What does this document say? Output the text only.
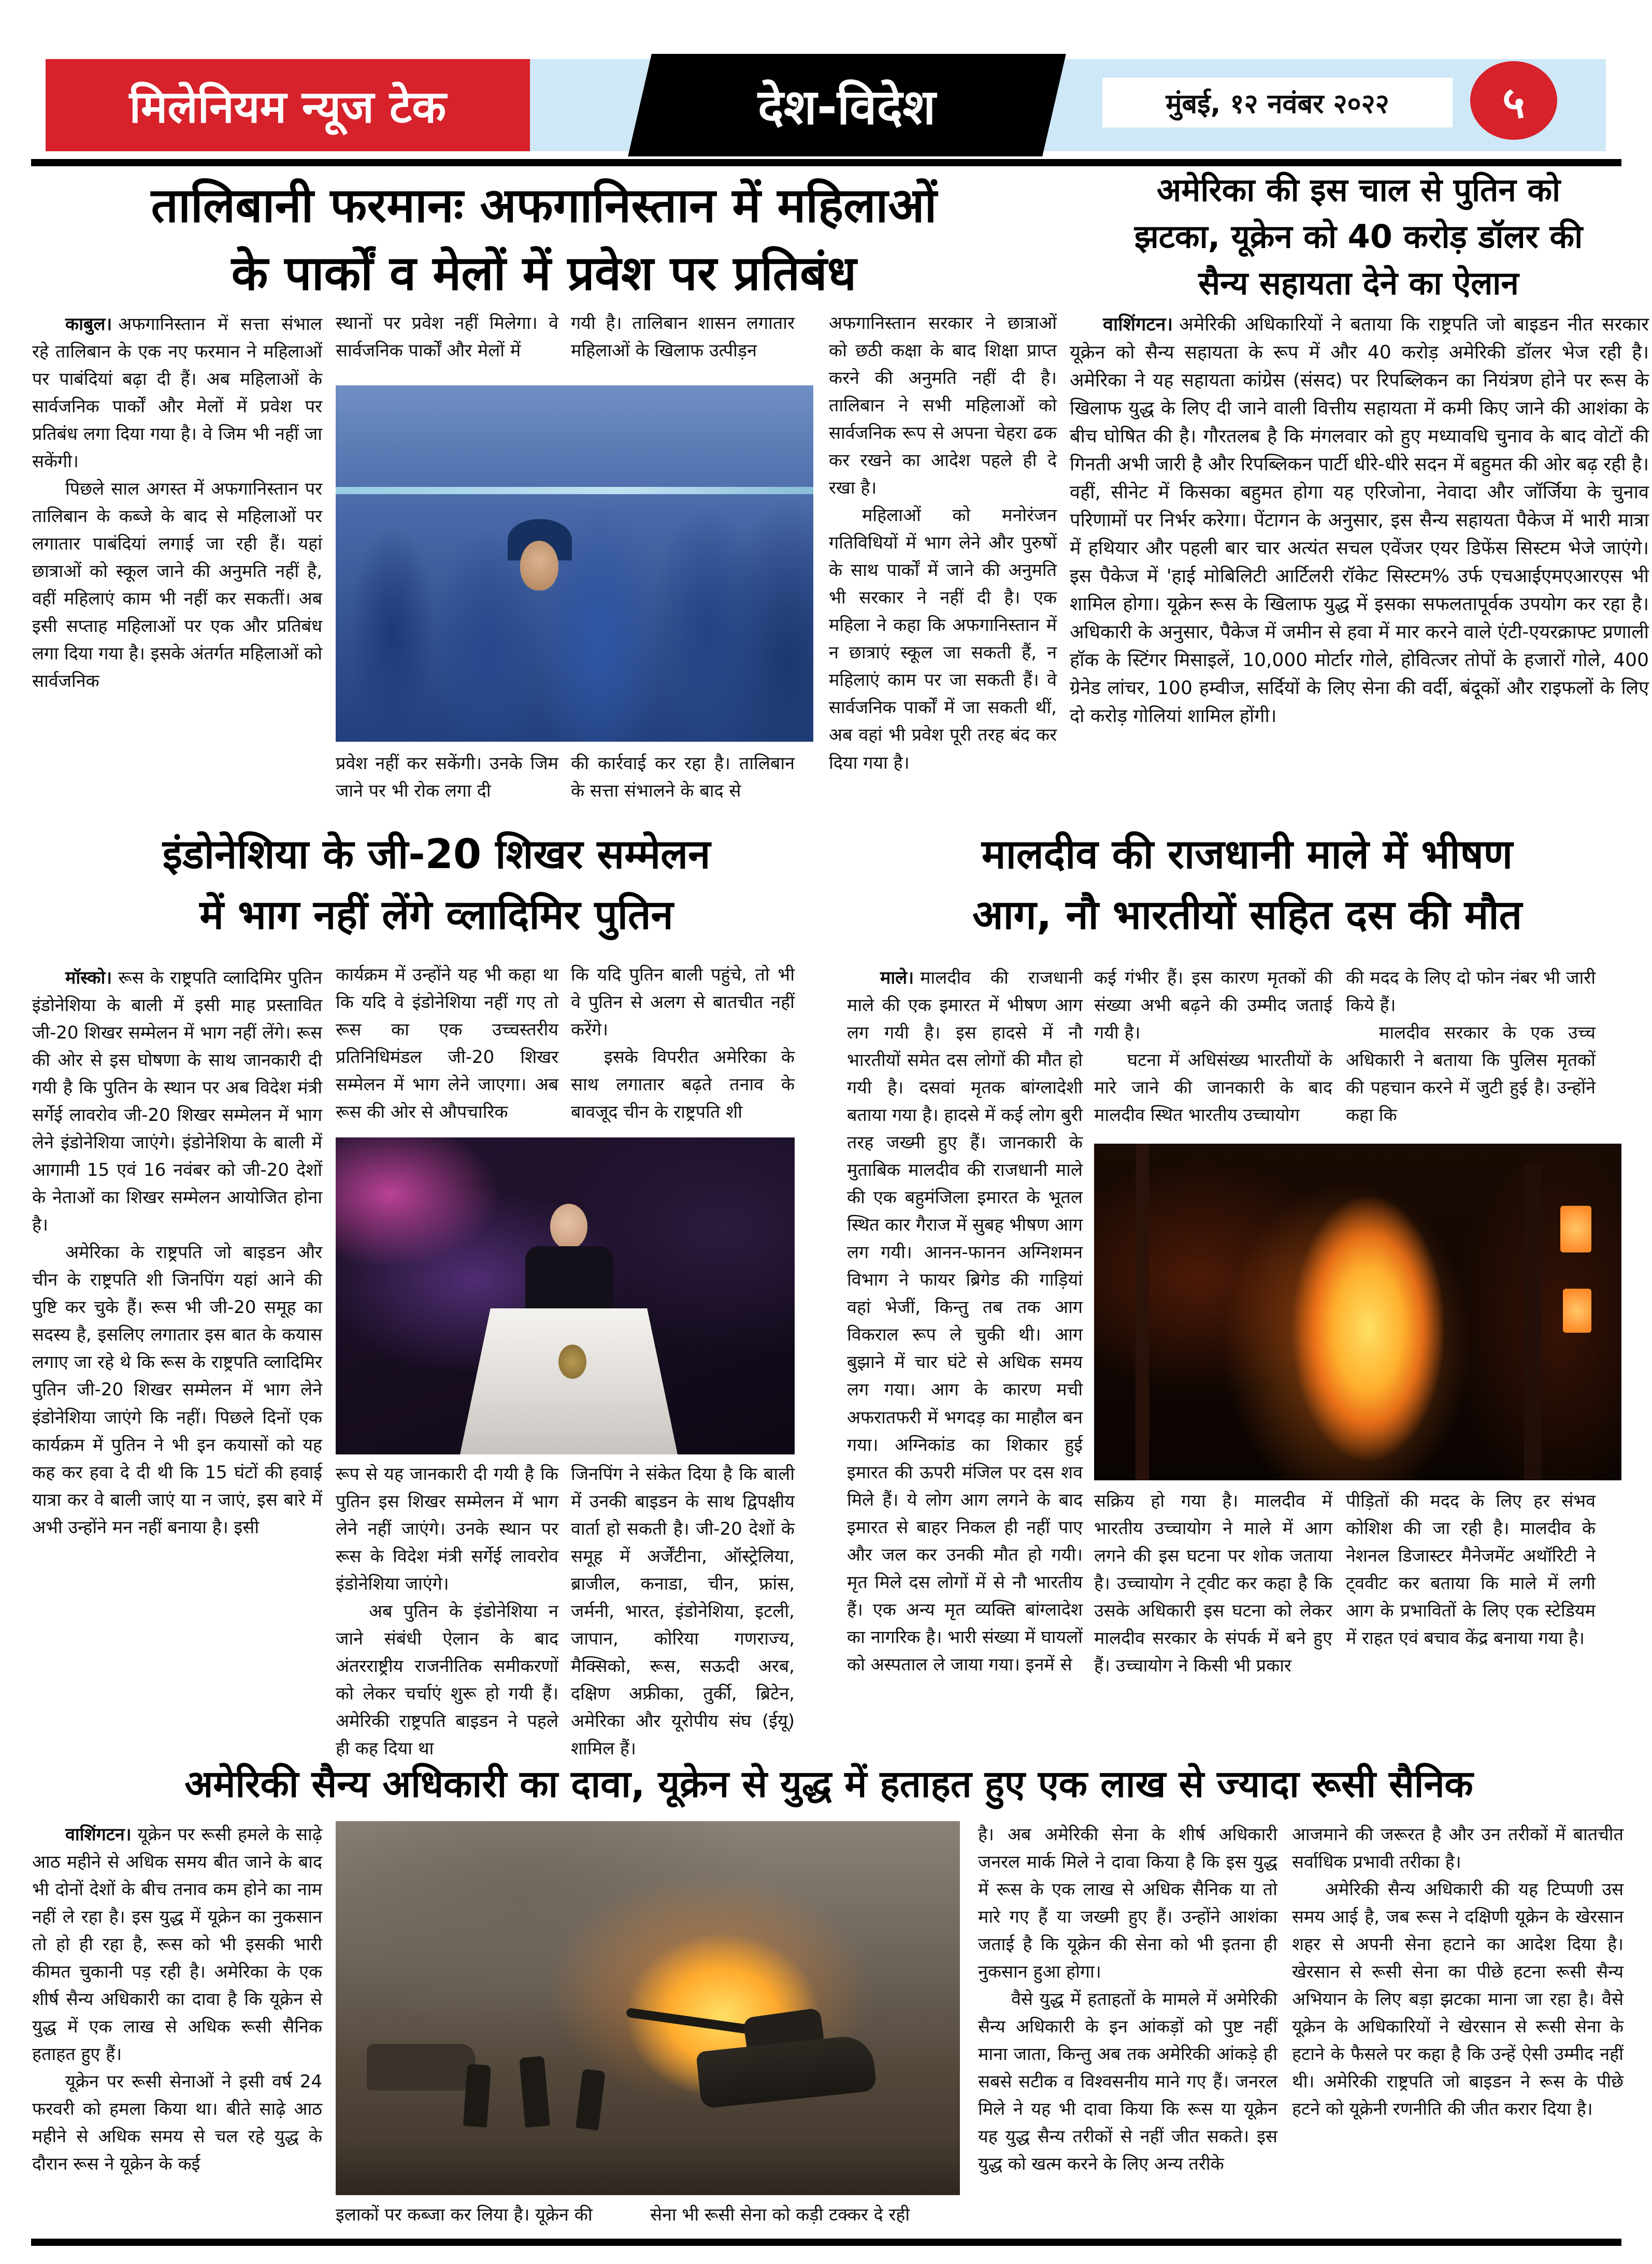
मिलेनियम न्यूज टेक	देश-विदेश	मुंबई, १२ नवंबर २०२२	५
तालिबानी फरमानः अफगानिस्तान में महिलाओं
के पार्कों व मेलों में प्रवेश पर प्रतिबंध

काबुल। अफगानिस्तान में सत्ता संभाल रहे तालिबान के एक नए फरमान ने महिलाओं पर पाबंदियां बढ़ा दी हैं। अब महिलाओं के सार्वजनिक पार्कों और मेलों में प्रवेश पर प्रतिबंध लगा दिया गया है। वे जिम भी नहीं जा सकेंगी।

पिछले साल अगस्त में अफगानिस्तान पर तालिबान के कब्जे के बाद से महिलाओं पर लगातार पाबंदियां लगाई जा रही हैं। यहां छात्राओं को स्कूल जाने की अनुमति नहीं है, वहीं महिलाएं काम भी नहीं कर सकतीं। अब इसी सप्ताह महिलाओं पर एक और प्रतिबंध लगा दिया गया है। इसके अंतर्गत महिलाओं को सार्वजनिक

स्थानों पर प्रवेश नहीं मिलेगा। वे सार्वजनिक पार्कों और मेलों में

गयी है। तालिबान शासन लगातार महिलाओं के खिलाफ उत्पीड़न

प्रवेश नहीं कर सकेंगी। उनके जिम जाने पर भी रोक लगा दी

की कार्रवाई कर रहा है। तालिबान के सत्ता संभालने के बाद से

अफगानिस्तान सरकार ने छात्राओं को छठी कक्षा के बाद शिक्षा प्राप्त करने की अनुमति नहीं दी है। तालिबान ने सभी महिलाओं को सार्वजनिक रूप से अपना चेहरा ढक कर रखने का आदेश पहले ही दे रखा है।

महिलाओं को मनोरंजन गतिविधियों में भाग लेने और पुरुषों के साथ पार्कों में जाने की अनुमति भी सरकार ने नहीं दी है। एक महिला ने कहा कि अफगानिस्तान में न छात्राएं स्कूल जा सकती हैं, न महिलाएं काम पर जा सकती हैं। वे सार्वजनिक पार्कों में जा सकती थीं, अब वहां भी प्रवेश पूरी तरह बंद कर दिया गया है।

अमेरिका की इस चाल से पुतिन को
झटका, यूक्रेन को 40 करोड़ डॉलर की
सैन्य सहायता देने का ऐलान

वाशिंगटन। अमेरिकी अधिकारियों ने बताया कि राष्ट्रपति जो बाइडन नीत सरकार यूक्रेन को सैन्य सहायता के रूप में और 40 करोड़ अमेरिकी डॉलर भेज रही है। अमेरिका ने यह सहायता कांग्रेस (संसद) पर रिपब्लिकन का नियंत्रण होने पर रूस के खिलाफ युद्ध के लिए दी जाने वाली वित्तीय सहायता में कमी किए जाने की आशंका के बीच घोषित की है। गौरतलब है कि मंगलवार को हुए मध्यावधि चुनाव के बाद वोटों की गिनती अभी जारी है और रिपब्लिकन पार्टी धीरे-धीरे सदन में बहुमत की ओर बढ़ रही है। वहीं, सीनेट में किसका बहुमत होगा यह एरिजोना, नेवादा और जॉर्जिया के चुनाव परिणामों पर निर्भर करेगा। पेंटागन के अनुसार, इस सैन्य सहायता पैकेज में भारी मात्रा में हथियार और पहली बार चार अत्यंत सचल एवेंजर एयर डिफेंस सिस्टम भेजे जाएंगे। इस पैकेज में 'हाई मोबिलिटी आर्टिलरी रॉकेट सिस्टम% उर्फ एचआईएमएआरएस भी शामिल होगा। यूक्रेन रूस के खिलाफ युद्ध में इसका सफलतापूर्वक उपयोग कर रहा है। अधिकारी के अनुसार, पैकेज में जमीन से हवा में मार करने वाले एंटी-एयरक्राफ्ट प्रणाली हॉक के स्टिंगर मिसाइलें, 10,000 मोर्टार गोले, होवित्जर तोपों के हजारों गोले, 400 ग्रेनेड लांचर, 100 हम्वीज, सर्दियों के लिए सेना की वर्दी, बंदूकों और राइफलों के लिए दो करोड़ गोलियां शामिल होंगी।

इंडोनेशिया के जी-20 शिखर सम्मेलन
में भाग नहीं लेंगे व्लादिमिर पुतिन

मॉस्को। रूस के राष्ट्रपति व्लादिमिर पुतिन इंडोनेशिया के बाली में इसी माह प्रस्तावित जी-20 शिखर सम्मेलन में भाग नहीं लेंगे। रूस की ओर से इस घोषणा के साथ जानकारी दी गयी है कि पुतिन के स्थान पर अब विदेश मंत्री सर्गेई लावरोव जी-20 शिखर सम्मेलन में भाग लेने इंडोनेशिया जाएंगे। इंडोनेशिया के बाली में आगामी 15 एवं 16 नवंबर को जी-20 देशों के नेताओं का शिखर सम्मेलन आयोजित होना है।

अमेरिका के राष्ट्रपति जो बाइडन और चीन के राष्ट्रपति शी जिनपिंग यहां आने की पुष्टि कर चुके हैं। रूस भी जी-20 समूह का सदस्य है, इसलिए लगातार इस बात के कयास लगाए जा रहे थे कि रूस के राष्ट्रपति व्लादिमिर पुतिन जी-20 शिखर सम्मेलन में भाग लेने इंडोनेशिया जाएंगे कि नहीं। पिछले दिनों एक कार्यक्रम में पुतिन ने भी इन कयासों को यह कह कर हवा दे दी थी कि 15 घंटों की हवाई यात्रा कर वे बाली जाएं या न जाएं, इस बारे में अभी उन्होंने मन नहीं बनाया है। इसी

कार्यक्रम में उन्होंने यह भी कहा था कि यदि वे इंडोनेशिया नहीं गए तो रूस का एक उच्चस्तरीय प्रतिनिधिमंडल जी-20 शिखर सम्मेलन में भाग लेने जाएगा। अब रूस की ओर से औपचारिक

कि यदि पुतिन बाली पहुंचे, तो भी वे पुतिन से अलग से बातचीत नहीं करेंगे।

इसके विपरीत अमेरिका के साथ लगातार बढ़ते तनाव के बावजूद चीन के राष्ट्रपति शी

रूप से यह जानकारी दी गयी है कि पुतिन इस शिखर सम्मेलन में भाग लेने नहीं जाएंगे। उनके स्थान पर रूस के विदेश मंत्री सर्गेई लावरोव इंडोनेशिया जाएंगे।

अब पुतिन के इंडोनेशिया न जाने संबंधी ऐलान के बाद अंतरराष्ट्रीय राजनीतिक समीकरणों को लेकर चर्चाएं शुरू हो गयी हैं। अमेरिकी राष्ट्रपति बाइडन ने पहले ही कह दिया था

जिनपिंग ने संकेत दिया है कि बाली में उनकी बाइडन के साथ द्विपक्षीय वार्ता हो सकती है। जी-20 देशों के समूह में अर्जेंटीना, ऑस्ट्रेलिया, ब्राजील, कनाडा, चीन, फ्रांस, जर्मनी, भारत, इंडोनेशिया, इटली, जापान, कोरिया गणराज्य, मैक्सिको, रूस, सऊदी अरब, दक्षिण अफ्रीका, तुर्की, ब्रिटेन, अमेरिका और यूरोपीय संघ (ईयू) शामिल हैं।

मालदीव की राजधानी माले में भीषण
आग, नौ भारतीयों सहित दस की मौत

माले। मालदीव की राजधानी माले की एक इमारत में भीषण आग लग गयी है। इस हादसे में नौ भारतीयों समेत दस लोगों की मौत हो गयी है। दसवां मृतक बांग्लादेशी बताया गया है। हादसे में कई लोग बुरी तरह जख्मी हुए हैं। जानकारी के मुताबिक मालदीव की राजधानी माले की एक बहुमंजिला इमारत के भूतल स्थित कार गैराज में सुबह भीषण आग लग गयी। आनन-फानन अग्निशमन विभाग ने फायर ब्रिगेड की गाड़ियां वहां भेजीं, किन्तु तब तक आग विकराल रूप ले चुकी थी। आग बुझाने में चार घंटे से अधिक समय लग गया। आग के कारण मची अफरातफरी में भगदड़ का माहौल बन गया। अग्निकांड का शिकार हुई इमारत की ऊपरी मंजिल पर दस शव मिले हैं। ये लोग आग लगने के बाद इमारत से बाहर निकल ही नहीं पाए और जल कर उनकी मौत हो गयी। मृत मिले दस लोगों में से नौ भारतीय हैं। एक अन्य मृत व्यक्ति बांग्लादेश का नागरिक है। भारी संख्या में घायलों को अस्पताल ले जाया गया। इनमें से

कई गंभीर हैं। इस कारण मृतकों की संख्या अभी बढ़ने की उम्मीद जताई गयी है।

घटना में अधिसंख्य भारतीयों के मारे जाने की जानकारी के बाद मालदीव स्थित भारतीय उच्चायोग

की मदद के लिए दो फोन नंबर भी जारी किये हैं।

मालदीव सरकार के एक उच्च अधिकारी ने बताया कि पुलिस मृतकों की पहचान करने में जुटी हुई है। उन्होंने कहा कि

सक्रिय हो गया है। मालदीव में भारतीय उच्चायोग ने माले में आग लगने की इस घटना पर शोक जताया है। उच्चायोग ने ट्वीट कर कहा है कि उसके अधिकारी इस घटना को लेकर मालदीव सरकार के संपर्क में बने हुए हैं। उच्चायोग ने किसी भी प्रकार

पीड़ितों की मदद के लिए हर संभव कोशिश की जा रही है। मालदीव के नेशनल डिजास्टर मैनेजमेंट अथॉरिटी ने ट्ववीट कर बताया कि माले में लगी आग के प्रभावितों के लिए एक स्टेडियम में राहत एवं बचाव केंद्र बनाया गया है।

अमेरिकी सैन्य अधिकारी का दावा, यूक्रेन से युद्ध में हताहत हुए एक लाख से ज्यादा रूसी सैनिक

वाशिंगटन। यूक्रेन पर रूसी हमले के साढ़े आठ महीने से अधिक समय बीत जाने के बाद भी दोनों देशों के बीच तनाव कम होने का नाम नहीं ले रहा है। इस युद्ध में यूक्रेन का नुकसान तो हो ही रहा है, रूस को भी इसकी भारी कीमत चुकानी पड़ रही है। अमेरिका के एक शीर्ष सैन्य अधिकारी का दावा है कि यूक्रेन से युद्ध में एक लाख से अधिक रूसी सैनिक हताहत हुए हैं।

यूक्रेन पर रूसी सेनाओं ने इसी वर्ष 24 फरवरी को हमला किया था। बीते साढ़े आठ महीने से अधिक समय से चल रहे युद्ध के दौरान रूस ने यूक्रेन के कई

इलाकों पर कब्जा कर लिया है। यूक्रेन की	सेना भी रूसी सेना को कड़ी टक्कर दे रही

है। अब अमेरिकी सेना के शीर्ष अधिकारी जनरल मार्क मिले ने दावा किया है कि इस युद्ध में रूस के एक लाख से अधिक सैनिक या तो मारे गए हैं या जख्मी हुए हैं। उन्होंने आशंका जताई है कि यूक्रेन की सेना को भी इतना ही नुकसान हुआ होगा।

वैसे युद्ध में हताहतों के मामले में अमेरिकी सैन्य अधिकारी के इन आंकड़ों को पुष्ट नहीं माना जाता, किन्तु अब तक अमेरिकी आंकड़े ही सबसे सटीक व विश्वसनीय माने गए हैं। जनरल मिले ने यह भी दावा किया कि रूस या यूक्रेन यह युद्ध सैन्य तरीकों से नहीं जीत सकते। इस युद्ध को खत्म करने के लिए अन्य तरीके

आजमाने की जरूरत है और उन तरीकों में बातचीत सर्वाधिक प्रभावी तरीका है।

अमेरिकी सैन्य अधिकारी की यह टिप्पणी उस समय आई है, जब रूस ने दक्षिणी यूक्रेन के खेरसान शहर से अपनी सेना हटाने का आदेश दिया है। खेरसान से रूसी सेना का पीछे हटना रूसी सैन्य अभियान के लिए बड़ा झटका माना जा रहा है। वैसे यूक्रेन के अधिकारियों ने खेरसान से रूसी सेना के हटाने के फैसले पर कहा है कि उन्हें ऐसी उम्मीद नहीं थी। अमेरिकी राष्ट्रपति जो बाइडन ने रूस के पीछे हटने को यूक्रेनी रणनीति की जीत करार दिया है।
